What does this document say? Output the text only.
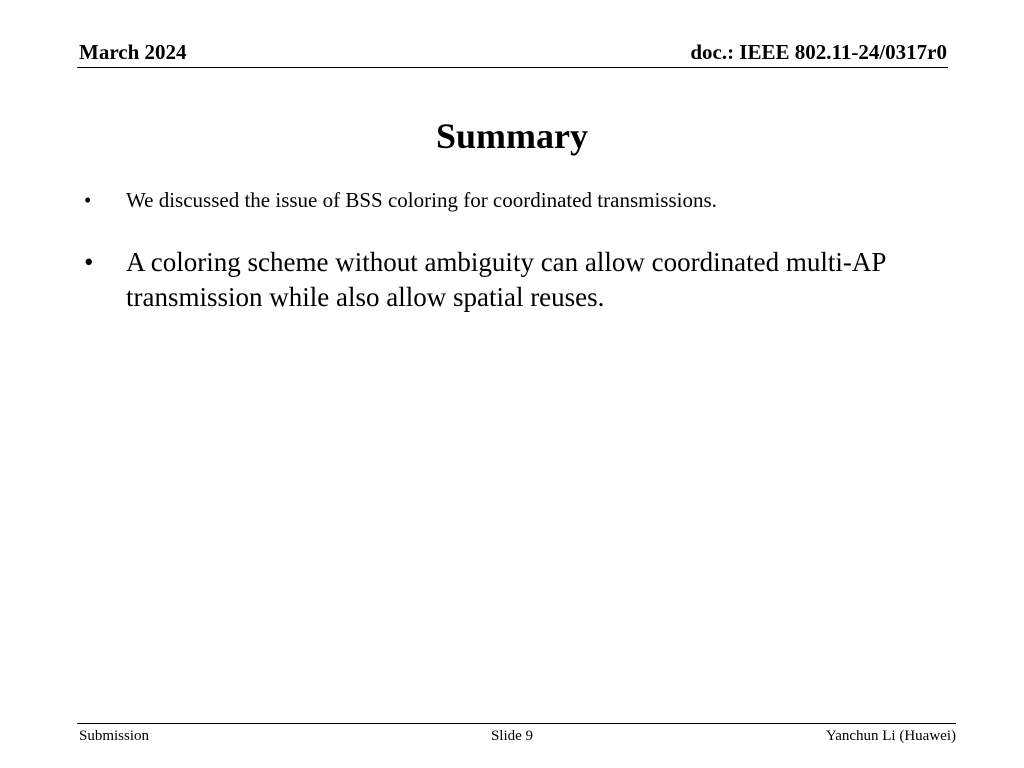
March 2024	doc.: IEEE 802.11-24/0317r0
Summary
• We discussed the issue of BSS coloring for coordinated transmissions.
• A coloring scheme without ambiguity can allow coordinated multi-AP transmission while also allow spatial reuses.
Submission	Slide 9	Yanchun Li (Huawei)
